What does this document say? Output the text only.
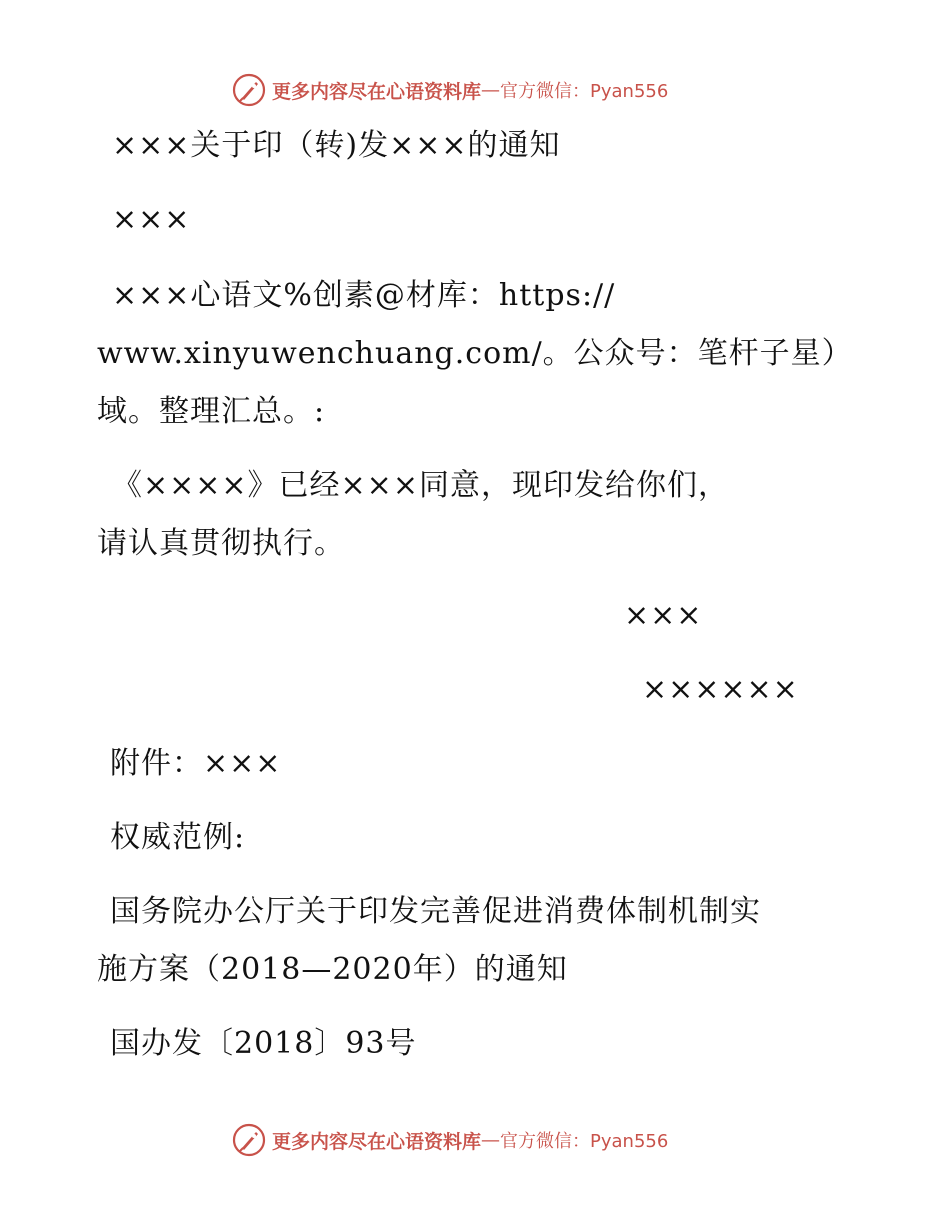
更多内容尽在心语资料库 — 官方微信：Pyan556
×××关于印（转)发×××的通知
×××
×××心语文%创素@材库：https://
www.xinyuwenchuang.com/。公众号：笔杆子星）
域。整理汇总。:
《××××》已经×××同意，现印发给你们，
请认真贯彻执行。
×××
××××××
附件：×××
权威范例:
国务院办公厅关于印发完善促进消费体制机制实
施方案（2018—2020年）的通知
国办发〔2018〕93号
更多内容尽在心语资料库 — 官方微信：Pyan556
